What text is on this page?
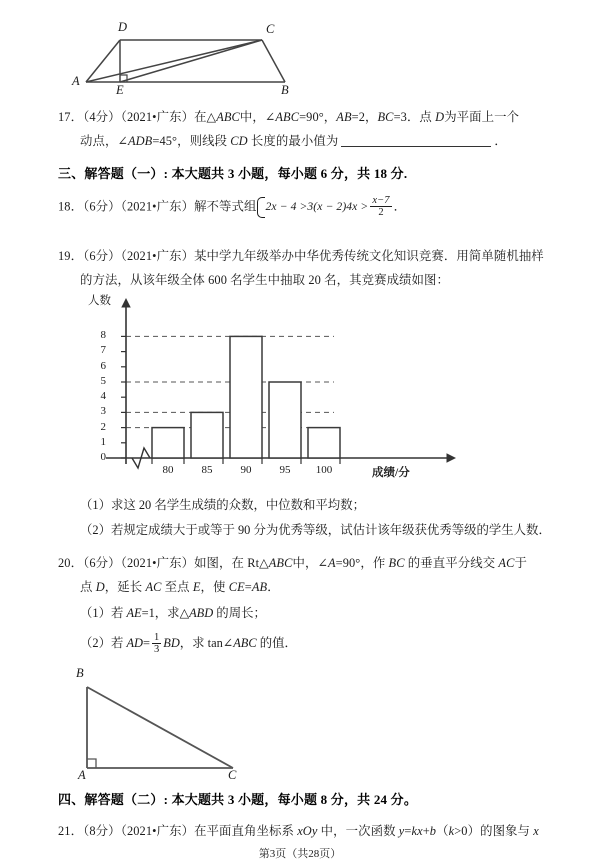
D	C
A
E	B
17．（4分）（2021•广东）在△ABC中，∠ABC=90°，AB=2，BC=3．点 D为平面上一个
动点，∠ADB=45°，则线段 CD 长度的最小值为	．
三、解答题（一）: 本大题共 3 小题，每小题 6 分，共 18 分.
18．（6分）（2021•广东）解不等式组 $2x - 4 >3(x - 2)4x > \frac{x-7}{2}$ ．
19．（6分）（2021•广东）某中学九年级举办中华优秀传统文化知识竞赛．用简单随机抽样
的方法，从该年级全体 600 名学生中抽取 20 名，其竞赛成绩如图：
人数
0
1
2
3
4
5
6
7
8
80	85	90	95	100	成绩/分
（1）求这 20 名学生成绩的众数，中位数和平均数；
（2）若规定成绩大于或等于 90 分为优秀等级，试估计该年级获优秀等级的学生人数．
20．（6分）（2021•广东）如图，在 Rt△ABC中，∠A=90°，作 BC 的垂直平分线交 AC于
点 D，延长 AC 至点 E，使 CE=AB．
（1）若 AE=1，求△ABD 的周长；
（2）若 $AD= \frac{1}{3}$ BD，求 tan∠ABC 的值．
B
A	C
四、解答题（二）: 本大题共 3 小题，每小题 8 分，共 24 分。
21．（8分）（2021•广东）在平面直角坐标系 xOy 中，一次函数 y=kx+b（k>0）的图象与 x
第3页（共28页）
